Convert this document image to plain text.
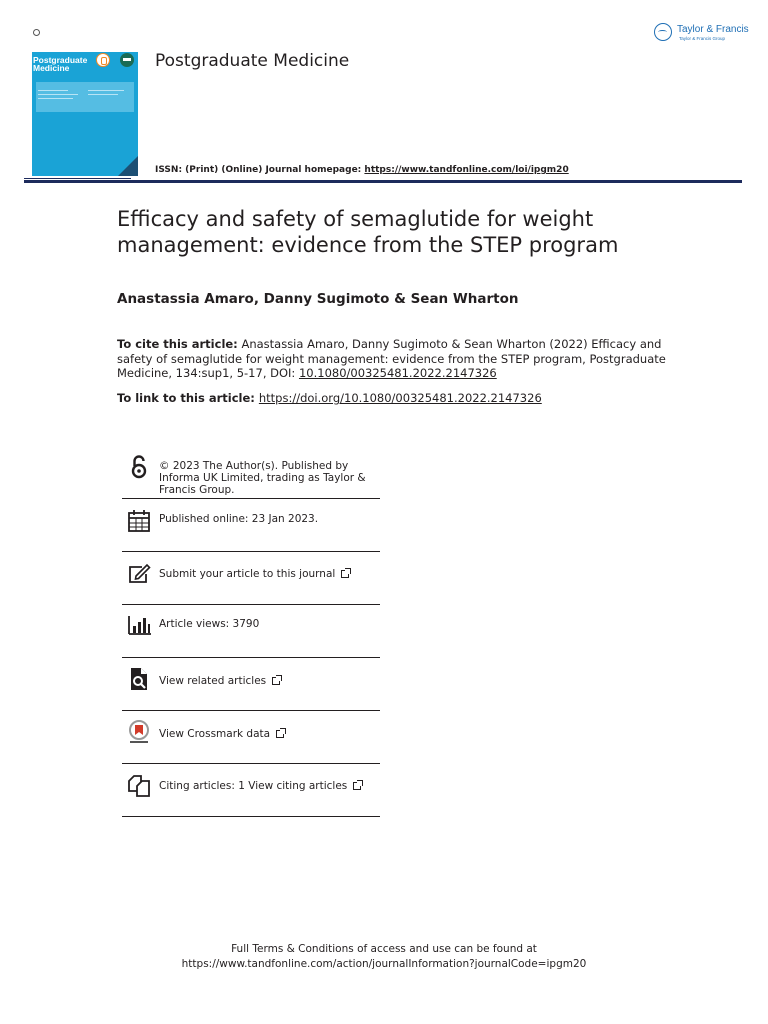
Postgraduate
Medicine	Postgraduate Medicine
Taylor & Francis
Taylor & Francis Group
ISSN: (Print) (Online) Journal homepage: https://www.tandfonline.com/loi/ipgm20
Efficacy and safety of semaglutide for weight management: evidence from the STEP program
Anastassia Amaro, Danny Sugimoto & Sean Wharton
To cite this article: Anastassia Amaro, Danny Sugimoto & Sean Wharton (2022) Efficacy and safety of semaglutide for weight management: evidence from the STEP program, Postgraduate Medicine, 134:sup1, 5-17, DOI: 10.1080/00325481.2022.2147326
To link to this article: https://doi.org/10.1080/00325481.2022.2147326
© 2023 The Author(s). Published by Informa UK Limited, trading as Taylor & Francis Group.
Published online: 23 Jan 2023.
Submit your article to this journal
Article views: 3790
View related articles
View Crossmark data
Citing articles: 1 View citing articles
Full Terms & Conditions of access and use can be found at
https://www.tandfonline.com/action/journalInformation?journalCode=ipgm20
